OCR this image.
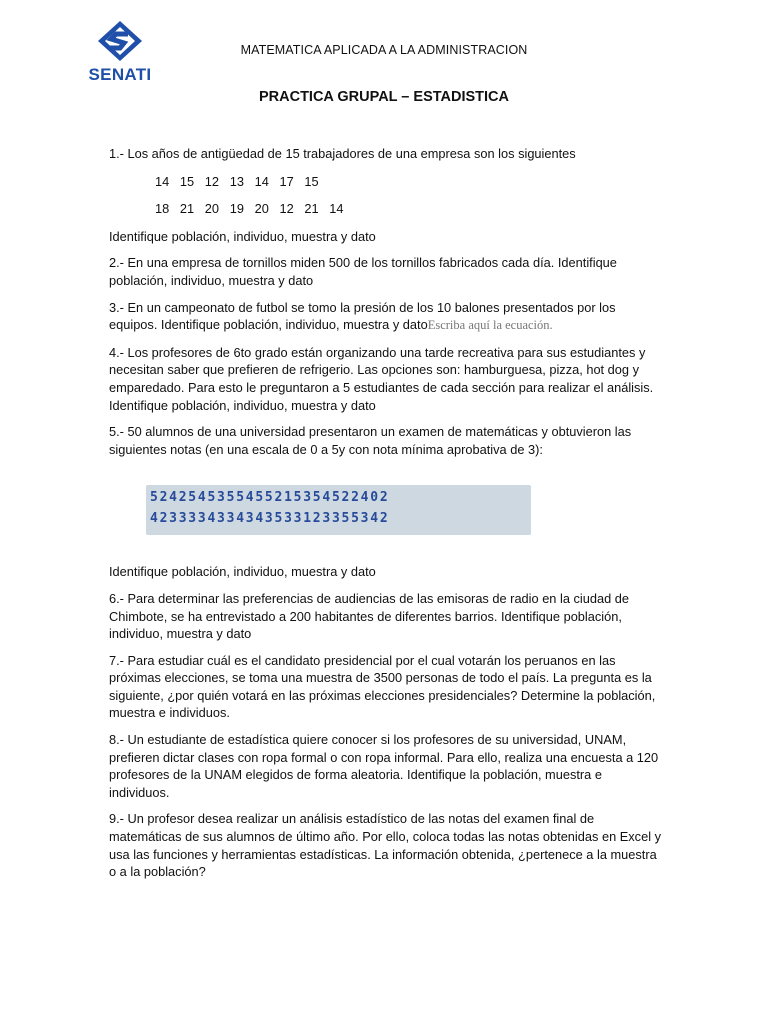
SENATI
MATEMATICA APLICADA A LA ADMINISTRACION
PRACTICA GRUPAL – ESTADISTICA

1.- Los años de antigüedad de 15 trabajadores de una empresa son los siguientes

14   15   12   13   14   17   15
18   21   20   19   20   12   21   14

Identifique población, individuo, muestra y dato

2.- En una empresa de tornillos miden 500 de los tornillos fabricados cada día. Identifique población, individuo, muestra y dato

3.- En un campeonato de futbol se tomo la presión de los 10 balones presentados por los equipos. Identifique población, individuo, muestra y datoEscriba aquí la ecuación.

4.- Los profesores de 6to grado están organizando una tarde recreativa para sus estudiantes y necesitan saber que prefieren de refrigerio. Las opciones son: hamburguesa, pizza, hot dog y emparedado. Para esto le preguntaron a 5 estudiantes de cada sección para realizar el análisis. Identifique población, individuo, muestra y dato

5.- 50 alumnos de una universidad presentaron un examen de matemáticas y obtuvieron las siguientes notas (en una escala de 0 a 5y con nota mínima aprobativa de 3):

5242545355455215354522402
4233334334343533123355342

Identifique población, individuo, muestra y dato

6.- Para determinar las preferencias de audiencias de las emisoras de radio en la ciudad de Chimbote, se ha entrevistado a 200 habitantes de diferentes barrios. Identifique población, individuo, muestra y dato

7.- Para estudiar cuál es el candidato presidencial por el cual votarán los peruanos en las próximas elecciones, se toma una muestra de 3500 personas de todo el país. La pregunta es la siguiente, ¿por quién votará en las próximas elecciones presidenciales? Determine la población, muestra e individuos.

8.- Un estudiante de estadística quiere conocer si los profesores de su universidad, UNAM, prefieren dictar clases con ropa formal o con ropa informal. Para ello, realiza una encuesta a 120 profesores de la UNAM elegidos de forma aleatoria. Identifique la población, muestra e individuos.

9.- Un profesor desea realizar un análisis estadístico de las notas del examen final de matemáticas de sus alumnos de último año. Por ello, coloca todas las notas obtenidas en Excel y usa las funciones y herramientas estadísticas. La información obtenida, ¿pertenece a la muestra o a la población?
